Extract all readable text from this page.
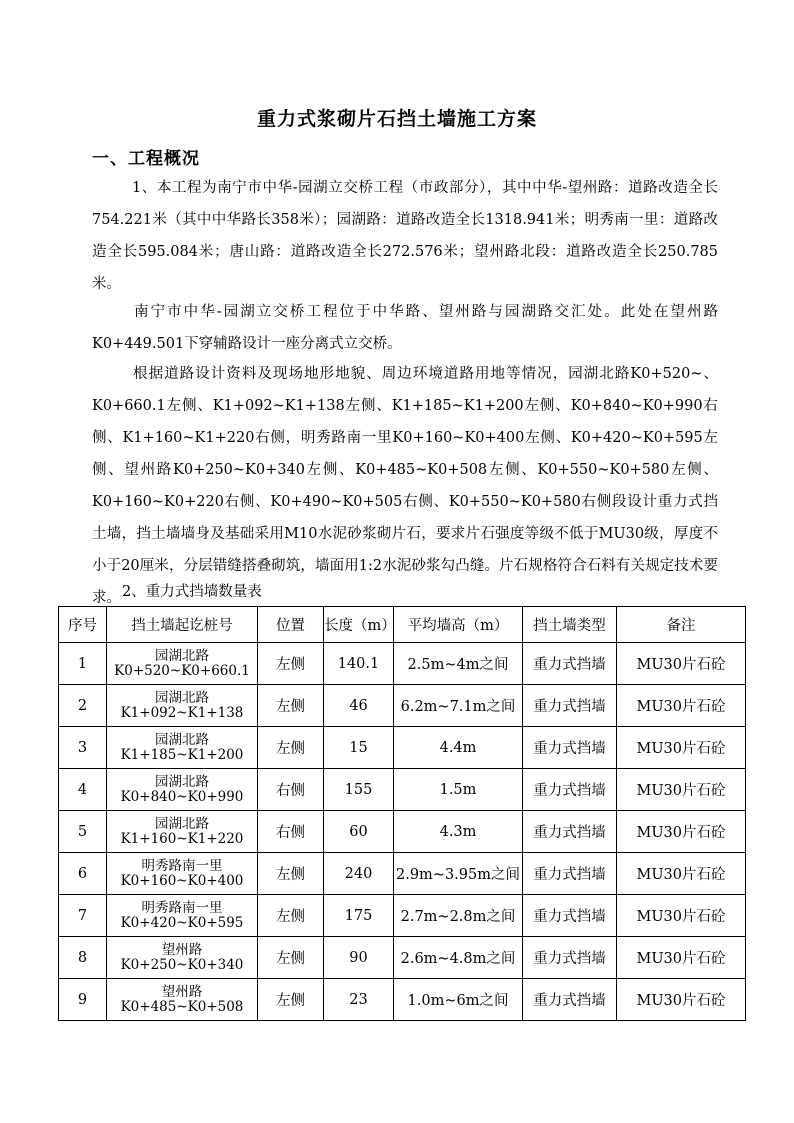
重力式浆砌片石挡土墙施工方案
一、工程概况
1、本工程为南宁市中华-园湖立交桥工程（市政部分），其中中华-望州路：道路改造全长754.221米（其中中华路长358米）；园湖路：道路改造全长1318.941米；明秀南一里：道路改造全长595.084米；唐山路：道路改造全长272.576米；望州路北段：道路改造全长250.785米。
南宁市中华-园湖立交桥工程位于中华路、望州路与园湖路交汇处。此处在望州路K0+449.501下穿辅路设计一座分离式立交桥。
根据道路设计资料及现场地形地貌、周边环境道路用地等情况，园湖北路K0+520~、K0+660.1左侧、K1+092~K1+138左侧、K1+185~K1+200左侧、K0+840~K0+990右侧、K1+160~K1+220右侧，明秀路南一里K0+160~K0+400左侧、K0+420~K0+595左侧、望州路K0+250~K0+340左侧、K0+485~K0+508左侧、K0+550~K0+580左侧、K0+160~K0+220右侧、K0+490~K0+505右侧、K0+550~K0+580右侧段设计重力式挡土墙，挡土墙墙身及基础采用M10水泥砂浆砌片石，要求片石强度等级不低于MU30级，厚度不小于20厘米，分层错缝搭叠砌筑，墙面用1:2水泥砂浆勾凸缝。片石规格符合石料有关规定技术要求。 2、重力式挡墙数量表
序号	挡土墙起讫桩号	位置	长度（m）	平均墙高（m）	挡土墙类型	备注
1	园湖北路
K0+520~K0+660.1	左侧	140.1	2.5m~4m之间	重力式挡墙	MU30片石砼
2	园湖北路
K1+092~K1+138	左侧	46	6.2m~7.1m之间	重力式挡墙	MU30片石砼
3	园湖北路
K1+185~K1+200	左侧	15	4.4m	重力式挡墙	MU30片石砼
4	园湖北路
K0+840~K0+990	右侧	155	1.5m	重力式挡墙	MU30片石砼
5	园湖北路
K1+160~K1+220	右侧	60	4.3m	重力式挡墙	MU30片石砼
6	明秀路南一里
K0+160~K0+400	左侧	240	2.9m~3.95m之间	重力式挡墙	MU30片石砼
7	明秀路南一里
K0+420~K0+595	左侧	175	2.7m~2.8m之间	重力式挡墙	MU30片石砼
8	望州路
K0+250~K0+340	左侧	90	2.6m~4.8m之间	重力式挡墙	MU30片石砼
9	望州路
K0+485~K0+508	左侧	23	1.0m~6m之间	重力式挡墙	MU30片石砼
